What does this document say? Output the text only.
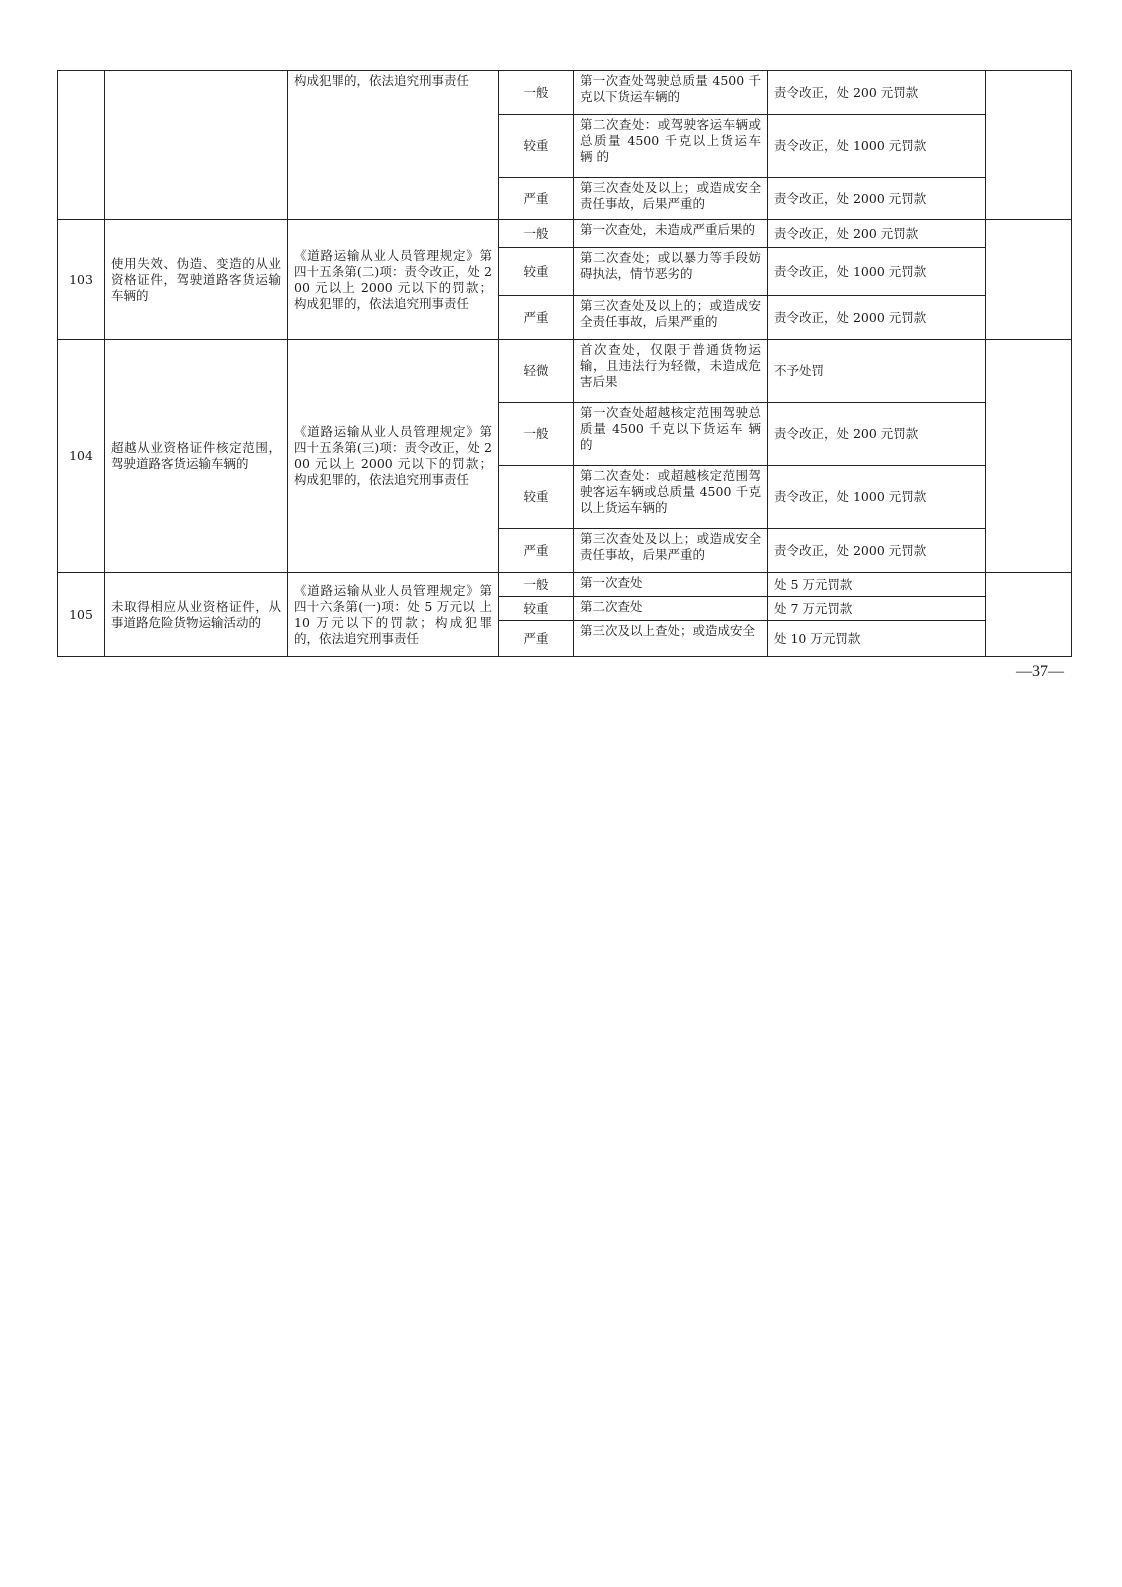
		构成犯罪的，依法追究刑事责任	一般	第一次查处驾驶总质量 4500 千 克以下货运车辆的	责令改正，处 200 元罚款	
			较重	第二次查处：或驾驶客运车辆或总质量 4500 千克以上货运车 辆 的	责令改正，处 1000 元罚款	
			严重	第三次查处及以上；或造成安全责任事故，后果严重的	责令改正，处 2000 元罚款	
103	使用失效、伪造、变造的从业资格证件，驾驶道路客货运输车辆的	《道路运输从业人员管理规定》第四十五条第(二)项：责令改正，处 200 元以上 2000 元以下的罚款； 构成犯罪的，依法追究刑事责任	一般	第一次查处，未造成严重后果的	责令改正，处 200 元罚款	
			较重	第二次查处；或以暴力等手段妨碍执法，情节恶劣的	责令改正，处 1000 元罚款	
			严重	第三次查处及以上的；或造成安全责任事故，后果严重的	责令改正，处 2000 元罚款	
104	超越从业资格证件核定范围， 驾驶道路客货运输车辆的	《道路运输从业人员管理规定》第四十五条第(三)项：责令改正，处 200 元以上 2000 元以下的罚款； 构成犯罪的，依法追究刑事责任	轻微	首次查处，仅限于普通货物运输，且违法行为轻微，未造成危害后果	不予处罚	
			一般	第一次查处超越核定范围驾驶总质量 4500 千克以下货运车 辆 的	责令改正，处 200 元罚款	
			较重	第二次查处：或超越核定范围驾 驶客运车辆或总质量 4500 千克 以上货运车辆的	责令改正，处 1000 元罚款	
			严重	第三次查处及以上；或造成安全责任事故，后果严重的	责令改正，处 2000 元罚款	
105	未取得相应从业资格证件，从事道路危险货物运输活动的	《道路运输从业人员管理规定》第四十六条第(一)项：处 5 万元以 上 10 万元以下的罚款；构成犯罪 的，依法追究刑事责任	一般	第一次查处	处 5 万元罚款	
			较重	第二次查处	处 7 万元罚款	
			严重	第三次及以上查处；或造成安全	处 10 万元罚款	
—37—
